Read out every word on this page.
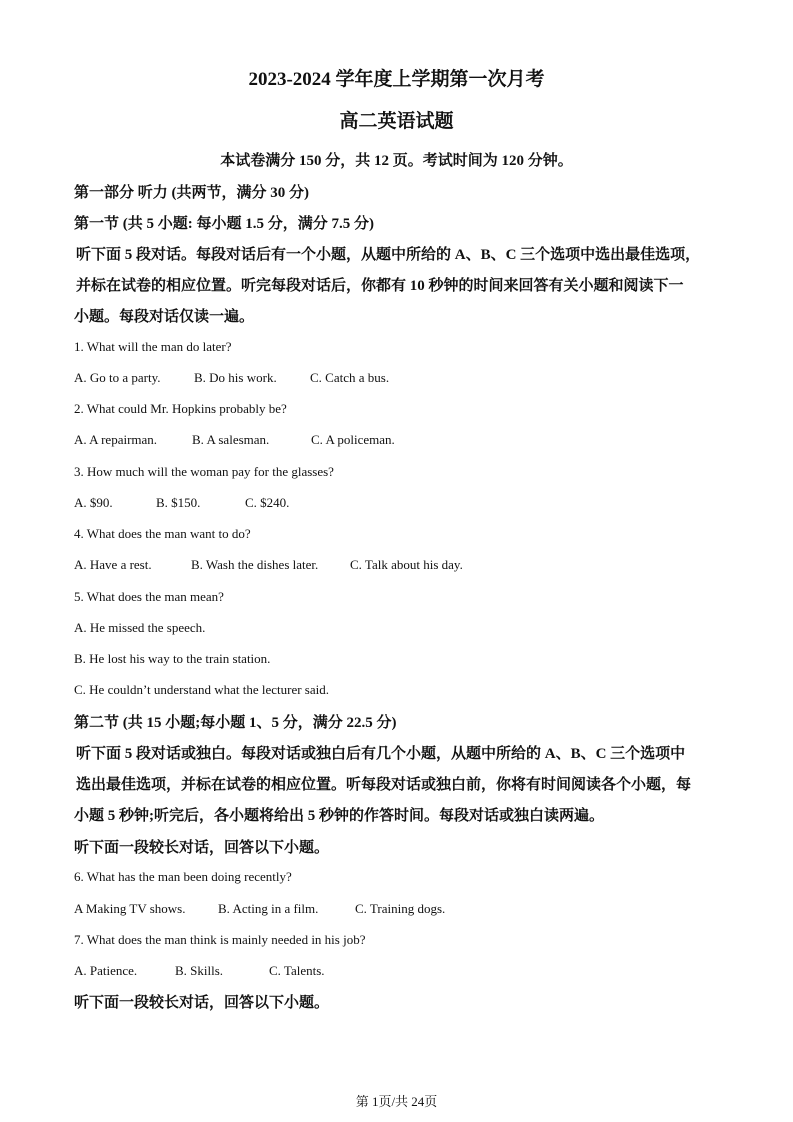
2023-2024 学年度上学期第一次月考
高二英语试题
本试卷满分 150 分，共 12 页。考试时间为 120 分钟。
第一部分 听力 (共两节，满分 30 分)
第一节 (共 5 小题: 每小题 1.5 分，满分 7.5 分)
听下面 5 段对话。每段对话后有一个小题，从题中所给的 A、B、C 三个选项中选出最佳选项，
并标在试卷的相应位置。听完每段对话后，你都有 10 秒钟的时间来回答有关小题和阅读下一
小题。每段对话仅读一遍。
1. What will the man do later?
A. Go to a party.	B. Do his work.	C. Catch a bus.
2. What could Mr. Hopkins probably be?
A. A repairman.	B. A salesman.	C. A policeman.
3. How much will the woman pay for the glasses?
A. $90.	B. $150.	C. $240.
4. What does the man want to do?
A. Have a rest.	B. Wash the dishes later. C. Talk about his day.
5. What does the man mean?
A. He missed the speech.
B. He lost his way to the train station.
C. He couldn’t understand what the lecturer said.
第二节 (共 15 小题;每小题 1、5 分，满分 22.5 分)
听下面 5 段对话或独白。每段对话或独白后有几个小题，从题中所给的 A、B、C 三个选项中
选出最佳选项，并标在试卷的相应位置。听每段对话或独白前，你将有时间阅读各个小题，每
小题 5 秒钟;听完后，各小题将给出 5 秒钟的作答时间。每段对话或独白读两遍。
听下面一段较长对话，回答以下小题。
6. What has the man been doing recently?
A Making TV shows.	B. Acting in a film.	C. Training dogs.
7. What does the man think is mainly needed in his job?
A. Patience.	B. Skills.	C. Talents.
听下面一段较长对话，回答以下小题。
第 1页/共 24页
